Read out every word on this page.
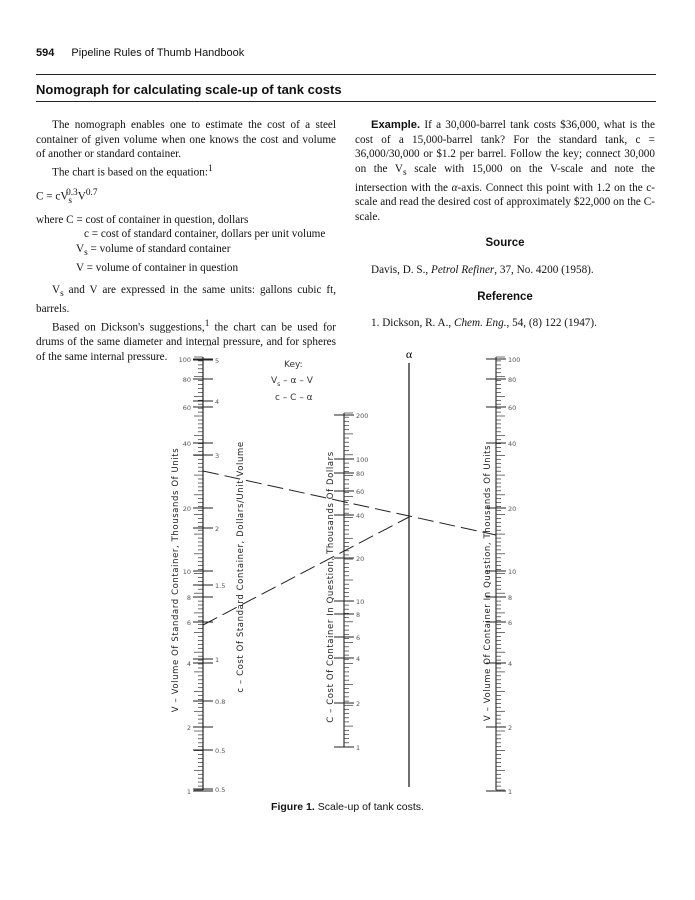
594 Pipeline Rules of Thumb Handbook
Nomograph for calculating scale-up of tank costs

The nomograph enables one to estimate the cost of a steel container of given volume when one knows the cost and volume of another or standard container.

The chart is based on the equation:$^1$

$C = cV_s^{0.3}V^{0.7}$

where C = cost of container in question, dollars
c = cost of standard container, dollars per unit volume
$V_s$ = volume of standard container
V = volume of container in question

$V_s$ and V are expressed in the same units: gallons cubic ft, barrels.

Based on Dickson's suggestions,$^1$ the chart can be used for drums of the same diameter and internal pressure, and for spheres of the same internal pressure.

Example. If a 30,000-barrel tank costs $36,000, what is the cost of a 15,000-barrel tank? For the standard tank, c = 36,000/30,000 or $1.2 per barrel. Follow the key; connect 30,000 on the $V_s$ scale with 15,000 on the V-scale and note the intersection with the α-axis. Connect this point with 1.2 on the c-scale and read the desired cost of approximately $22,000 on the C-scale.

Source

Davis, D. S., Petrol Refiner, 37, No. 4200 (1958).

Reference

1. Dickson, R. A., Chem. Eng., 54, (8) 122 (1947).

100
80
60
40
20
10
8
6
4
2
1
5
4
3
2
1.5
1
0.8
0.5
0.5
200
100
80
60
40
20
10
8
6
4
2
1
100
80
60
40
20
10
8
6
4
2
1
α
Key:
$V_s$ – α – V
c – C – α
V – Volume Of Standard Container, Thousands Of Units	c – Cost Of Standard Container, Dollars/Unit Volume	C – Cost Of Container In Question, Thousands Of Dollars	V – Volume Of Container In Question, Thousands Of Units
Figure 1. Scale-up of tank costs.
